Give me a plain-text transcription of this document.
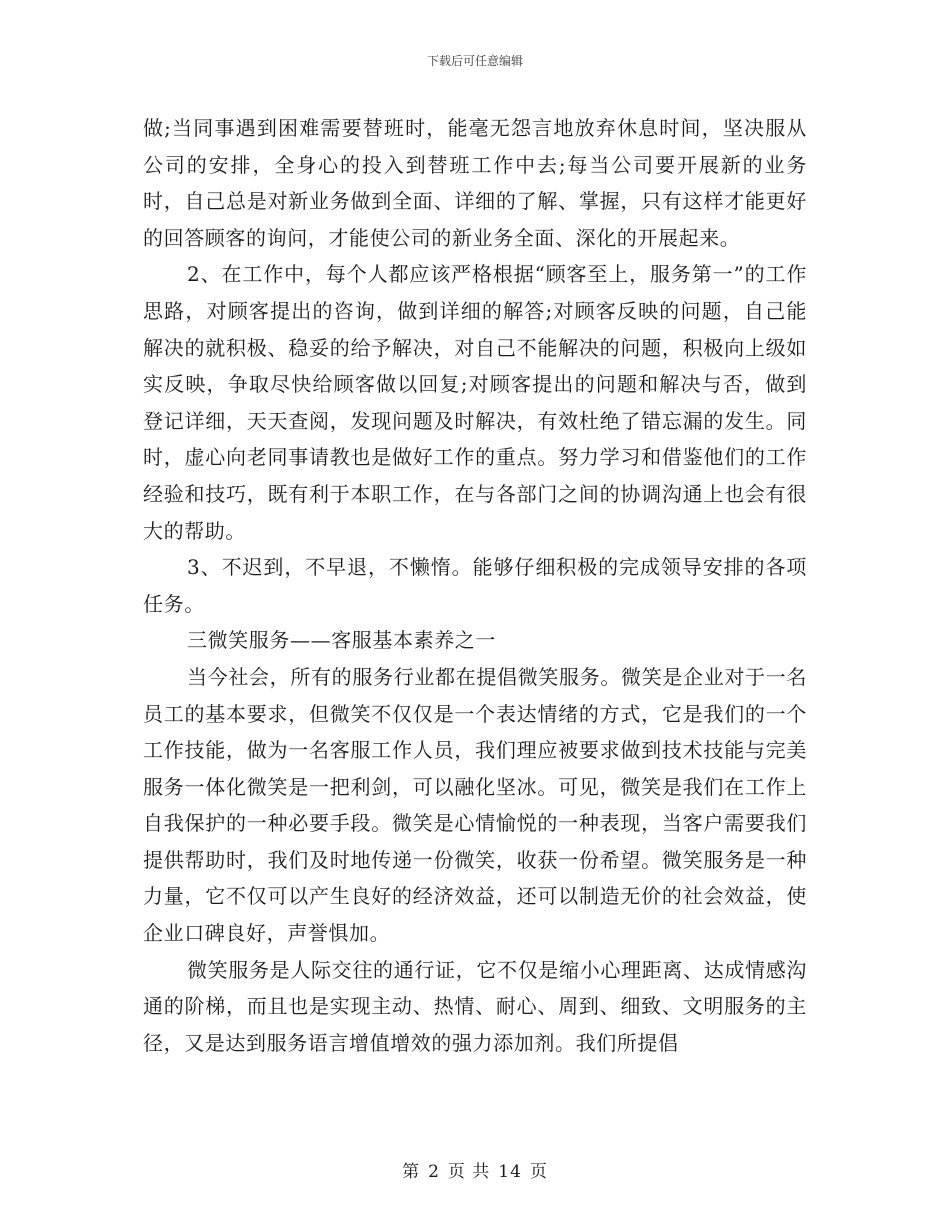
下载后可任意编辑

做;当同事遇到困难需要替班时，能毫无怨言地放弃休息时间，坚决服从公司的安排，全身心的投入到替班工作中去;每当公司要开展新的业务时，自己总是对新业务做到全面、详细的了解、掌握，只有这样才能更好的回答顾客的询问，才能使公司的新业务全面、深化的开展起来。

2、在工作中，每个人都应该严格根据“顾客至上，服务第一”的工作思路，对顾客提出的咨询，做到详细的解答;对顾客反映的问题，自己能解决的就积极、稳妥的给予解决，对自己不能解决的问题，积极向上级如实反映，争取尽快给顾客做以回复;对顾客提出的问题和解决与否，做到登记详细，天天查阅，发现问题及时解决，有效杜绝了错忘漏的发生。同时，虚心向老同事请教也是做好工作的重点。努力学习和借鉴他们的工作经验和技巧，既有利于本职工作，在与各部门之间的协调沟通上也会有很大的帮助。

3、不迟到，不早退，不懒惰。能够仔细积极的完成领导安排的各项任务。

三微笑服务——客服基本素养之一

当今社会，所有的服务行业都在提倡微笑服务。微笑是企业对于一名员工的基本要求，但微笑不仅仅是一个表达情绪的方式，它是我们的一个工作技能，做为一名客服工作人员，我们理应被要求做到技术技能与完美服务一体化微笑是一把利剑，可以融化坚冰。可见，微笑是我们在工作上自我保护的一种必要手段。微笑是心情愉悦的一种表现，当客户需要我们提供帮助时，我们及时地传递一份微笑，收获一份希望。微笑服务是一种力量，它不仅可以产生良好的经济效益，还可以制造无价的社会效益，使企业口碑良好，声誉惧加。

微笑服务是人际交往的通行证，它不仅是缩小心理距离、达成情感沟通的阶梯，而且也是实现主动、热情、耐心、周到、细致、文明服务的主径，又是达到服务语言增值增效的强力添加剂。我们所提倡

第 2 页 共 14 页
